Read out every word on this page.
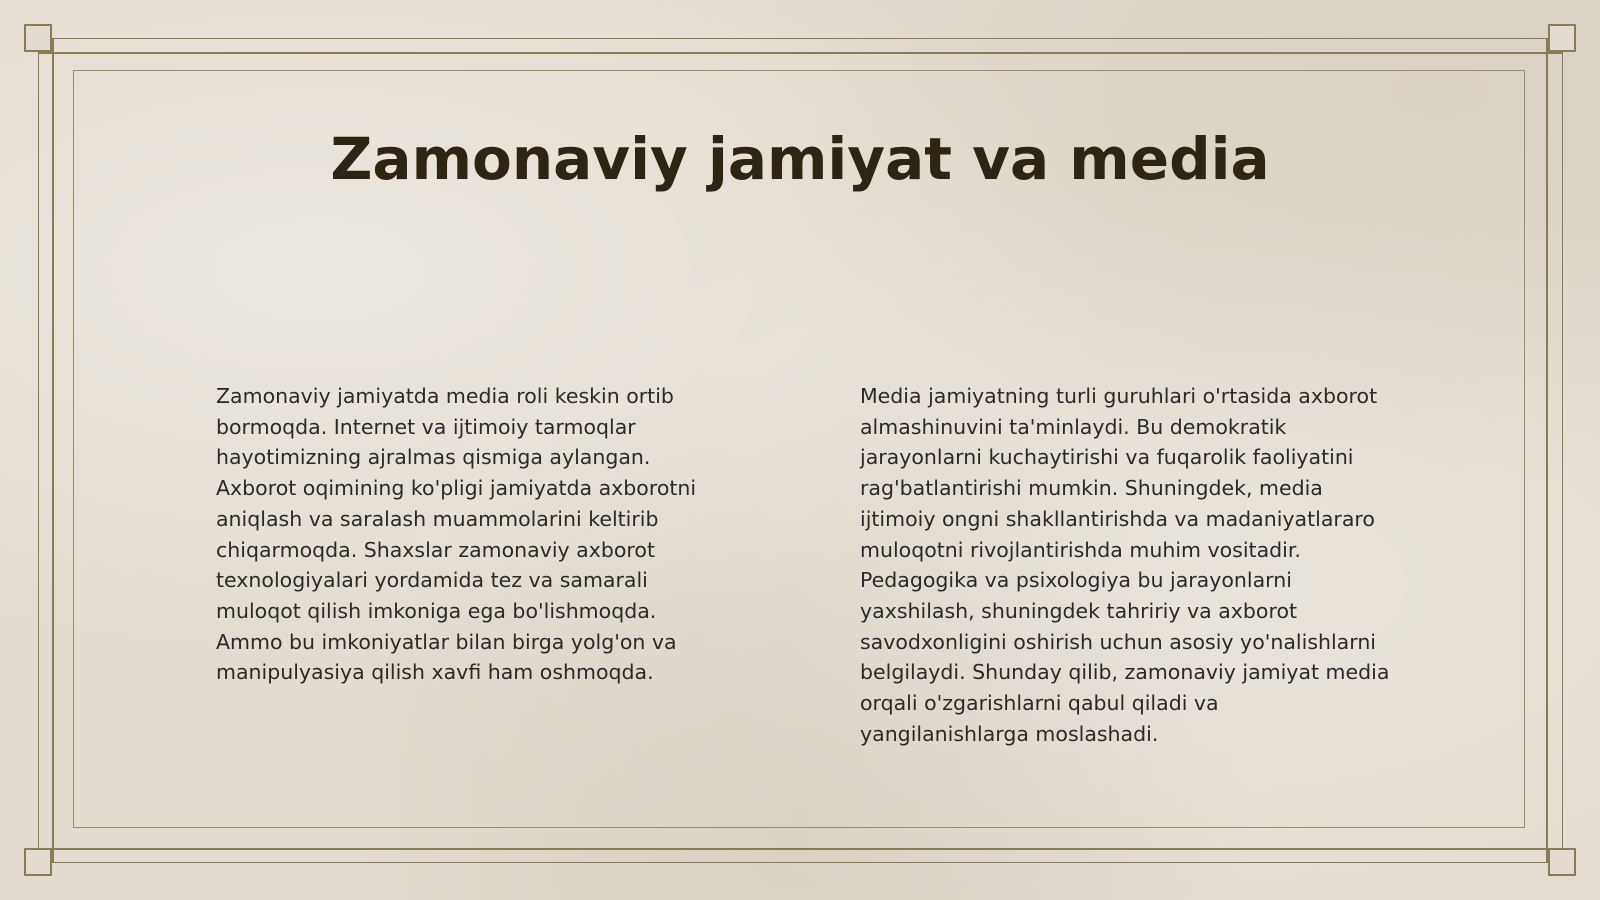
Zamonaviy jamiyat va media

Zamonaviy jamiyatda media roli keskin ortib bormoqda. Internet va ijtimoiy tarmoqlar hayotimizning ajralmas qismiga aylangan. Axborot oqimining ko'pligi jamiyatda axborotni aniqlash va saralash muammolarini keltirib chiqarmoqda. Shaxslar zamonaviy axborot texnologiyalari yordamida tez va samarali muloqot qilish imkoniga ega bo'lishmoqda. Ammo bu imkoniyatlar bilan birga yolg'on va manipulyasiya qilish xavfi ham oshmoqda.

Media jamiyatning turli guruhlari o'rtasida axborot almashinuvini ta'minlaydi. Bu demokratik jarayonlarni kuchaytirishi va fuqarolik faoliyatini rag'batlantirishi mumkin. Shuningdek, media ijtimoiy ongni shakllantirishda va madaniyatlararo muloqotni rivojlantirishda muhim vositadir. Pedagogika va psixologiya bu jarayonlarni yaxshilash, shuningdek tahririy va axborot savodxonligini oshirish uchun asosiy yo'nalishlarni belgilaydi. Shunday qilib, zamonaviy jamiyat media orqali o'zgarishlarni qabul qiladi va yangilanishlarga moslashadi.
